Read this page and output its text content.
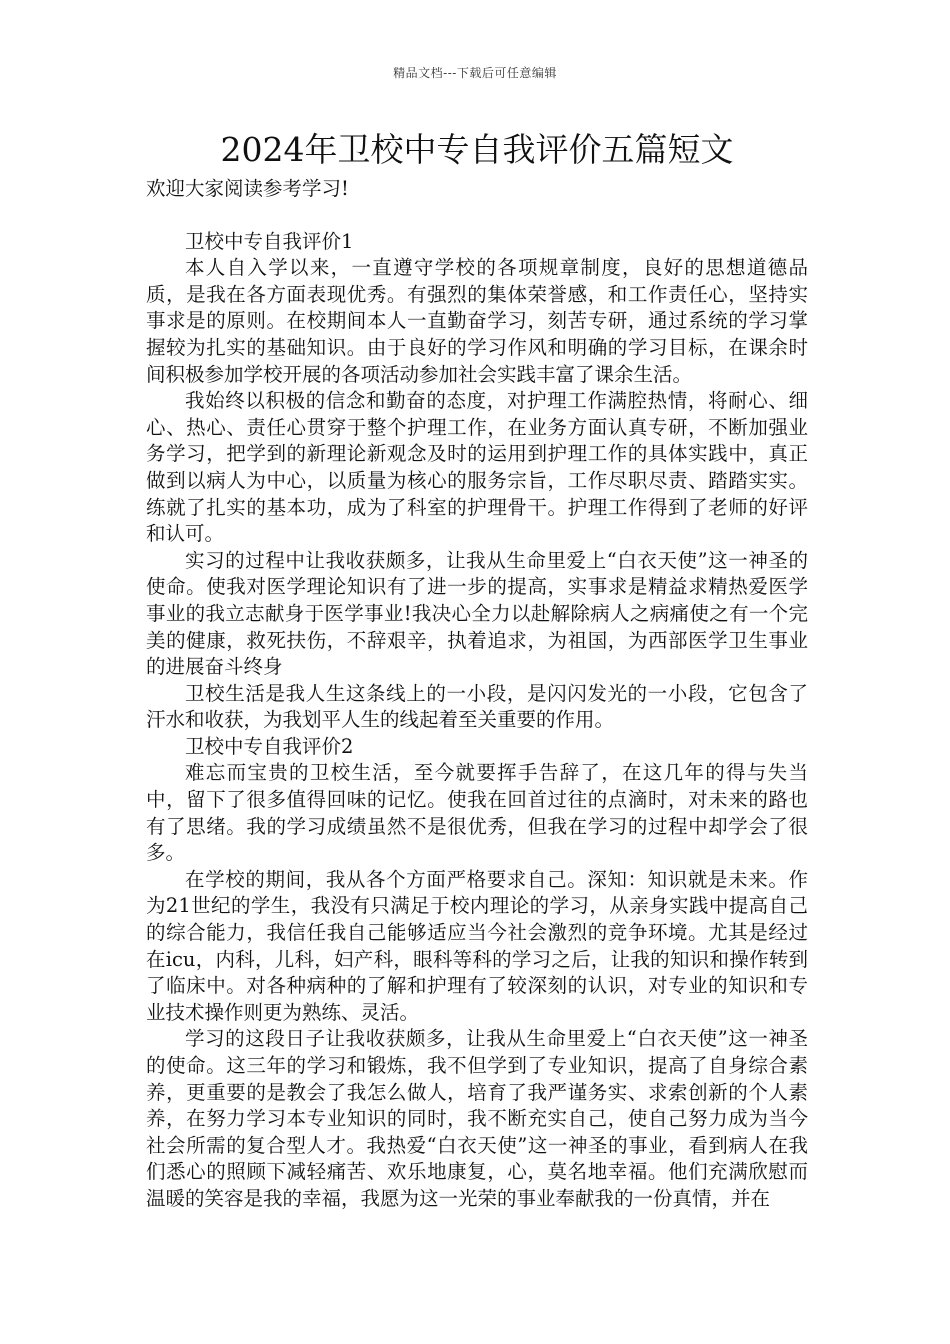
精品文档---下载后可任意编辑
2024年卫校中专自我评价五篇短文
欢迎大家阅读参考学习!

卫校中专自我评价1

本人自入学以来，一直遵守学校的各项规章制度，良好的思想道德品质，是我在各方面表现优秀。有强烈的集体荣誉感，和工作责任心，坚持实事求是的原则。在校期间本人一直勤奋学习，刻苦专研，通过系统的学习掌握较为扎实的基础知识。由于良好的学习作风和明确的学习目标，在课余时间积极参加学校开展的各项活动参加社会实践丰富了课余生活。

我始终以积极的信念和勤奋的态度，对护理工作满腔热情，将耐心、细心、热心、责任心贯穿于整个护理工作，在业务方面认真专研，不断加强业务学习，把学到的新理论新观念及时的运用到护理工作的具体实践中，真正做到以病人为中心，以质量为核心的服务宗旨，工作尽职尽责、踏踏实实。练就了扎实的基本功，成为了科室的护理骨干。护理工作得到了老师的好评和认可。

实习的过程中让我收获颇多，让我从生命里爱上“白衣天使”这一神圣的使命。使我对医学理论知识有了进一步的提高，实事求是精益求精热爱医学事业的我立志献身于医学事业!我决心全力以赴解除病人之病痛使之有一个完美的健康，救死扶伤，不辞艰辛，执着追求，为祖国，为西部医学卫生事业的进展奋斗终身

卫校生活是我人生这条线上的一小段，是闪闪发光的一小段，它包含了汗水和收获，为我划平人生的线起着至关重要的作用。

卫校中专自我评价2

难忘而宝贵的卫校生活，至今就要挥手告辞了，在这几年的得与失当中，留下了很多值得回味的记忆。使我在回首过往的点滴时，对未来的路也有了思绪。我的学习成绩虽然不是很优秀，但我在学习的过程中却学会了很多。

在学校的期间，我从各个方面严格要求自己。深知：知识就是未来。作为21世纪的学生，我没有只满足于校内理论的学习，从亲身实践中提高自己的综合能力，我信任我自己能够适应当今社会激烈的竞争环境。尤其是经过在icu，内科，儿科，妇产科，眼科等科的学习之后，让我的知识和操作转到了临床中。对各种病种的了解和护理有了较深刻的认识，对专业的知识和专业技术操作则更为熟练、灵活。

学习的这段日子让我收获颇多，让我从生命里爱上“白衣天使”这一神圣的使命。这三年的学习和锻炼，我不但学到了专业知识，提高了自身综合素养，更重要的是教会了我怎么做人，培育了我严谨务实、求索创新的个人素养，在努力学习本专业知识的同时，我不断充实自己，使自己努力成为当今社会所需的复合型人才。我热爱“白衣天使”这一神圣的事业，看到病人在我们悉心的照顾下减轻痛苦、欢乐地康复，心，莫名地幸福。他们充满欣慰而温暖的笑容是我的幸福，我愿为这一光荣的事业奉献我的一份真情，并在
